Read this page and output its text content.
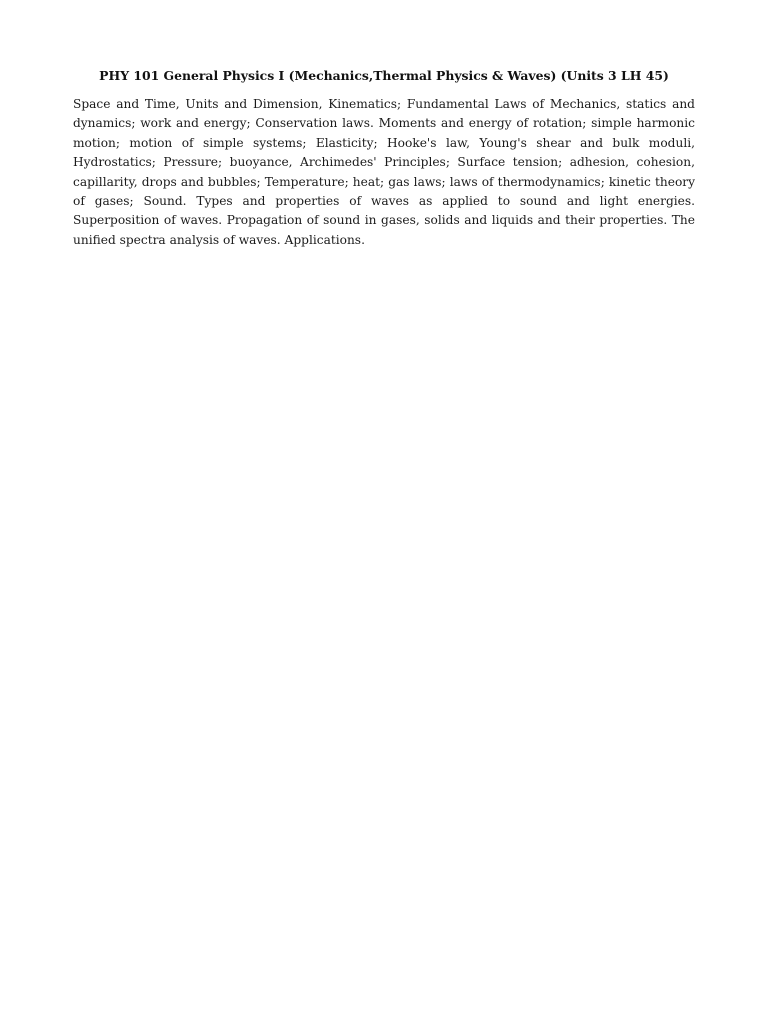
PHY 101 General Physics I (Mechanics,Thermal Physics & Waves) (Units 3 LH 45)

Space and Time, Units and Dimension, Kinematics; Fundamental Laws of Mechanics, statics and dynamics; work and energy; Conservation laws. Moments and energy of rotation; simple harmonic motion; motion of simple systems; Elasticity; Hooke's law, Young's shear and bulk moduli, Hydrostatics; Pressure; buoyance, Archimedes' Principles; Surface tension; adhesion, cohesion, capillarity, drops and bubbles; Temperature; heat; gas laws; laws of thermodynamics; kinetic theory of gases; Sound. Types and properties of waves as applied to sound and light energies. Superposition of waves. Propagation of sound in gases, solids and liquids and their properties. The unified spectra analysis of waves. Applications.
